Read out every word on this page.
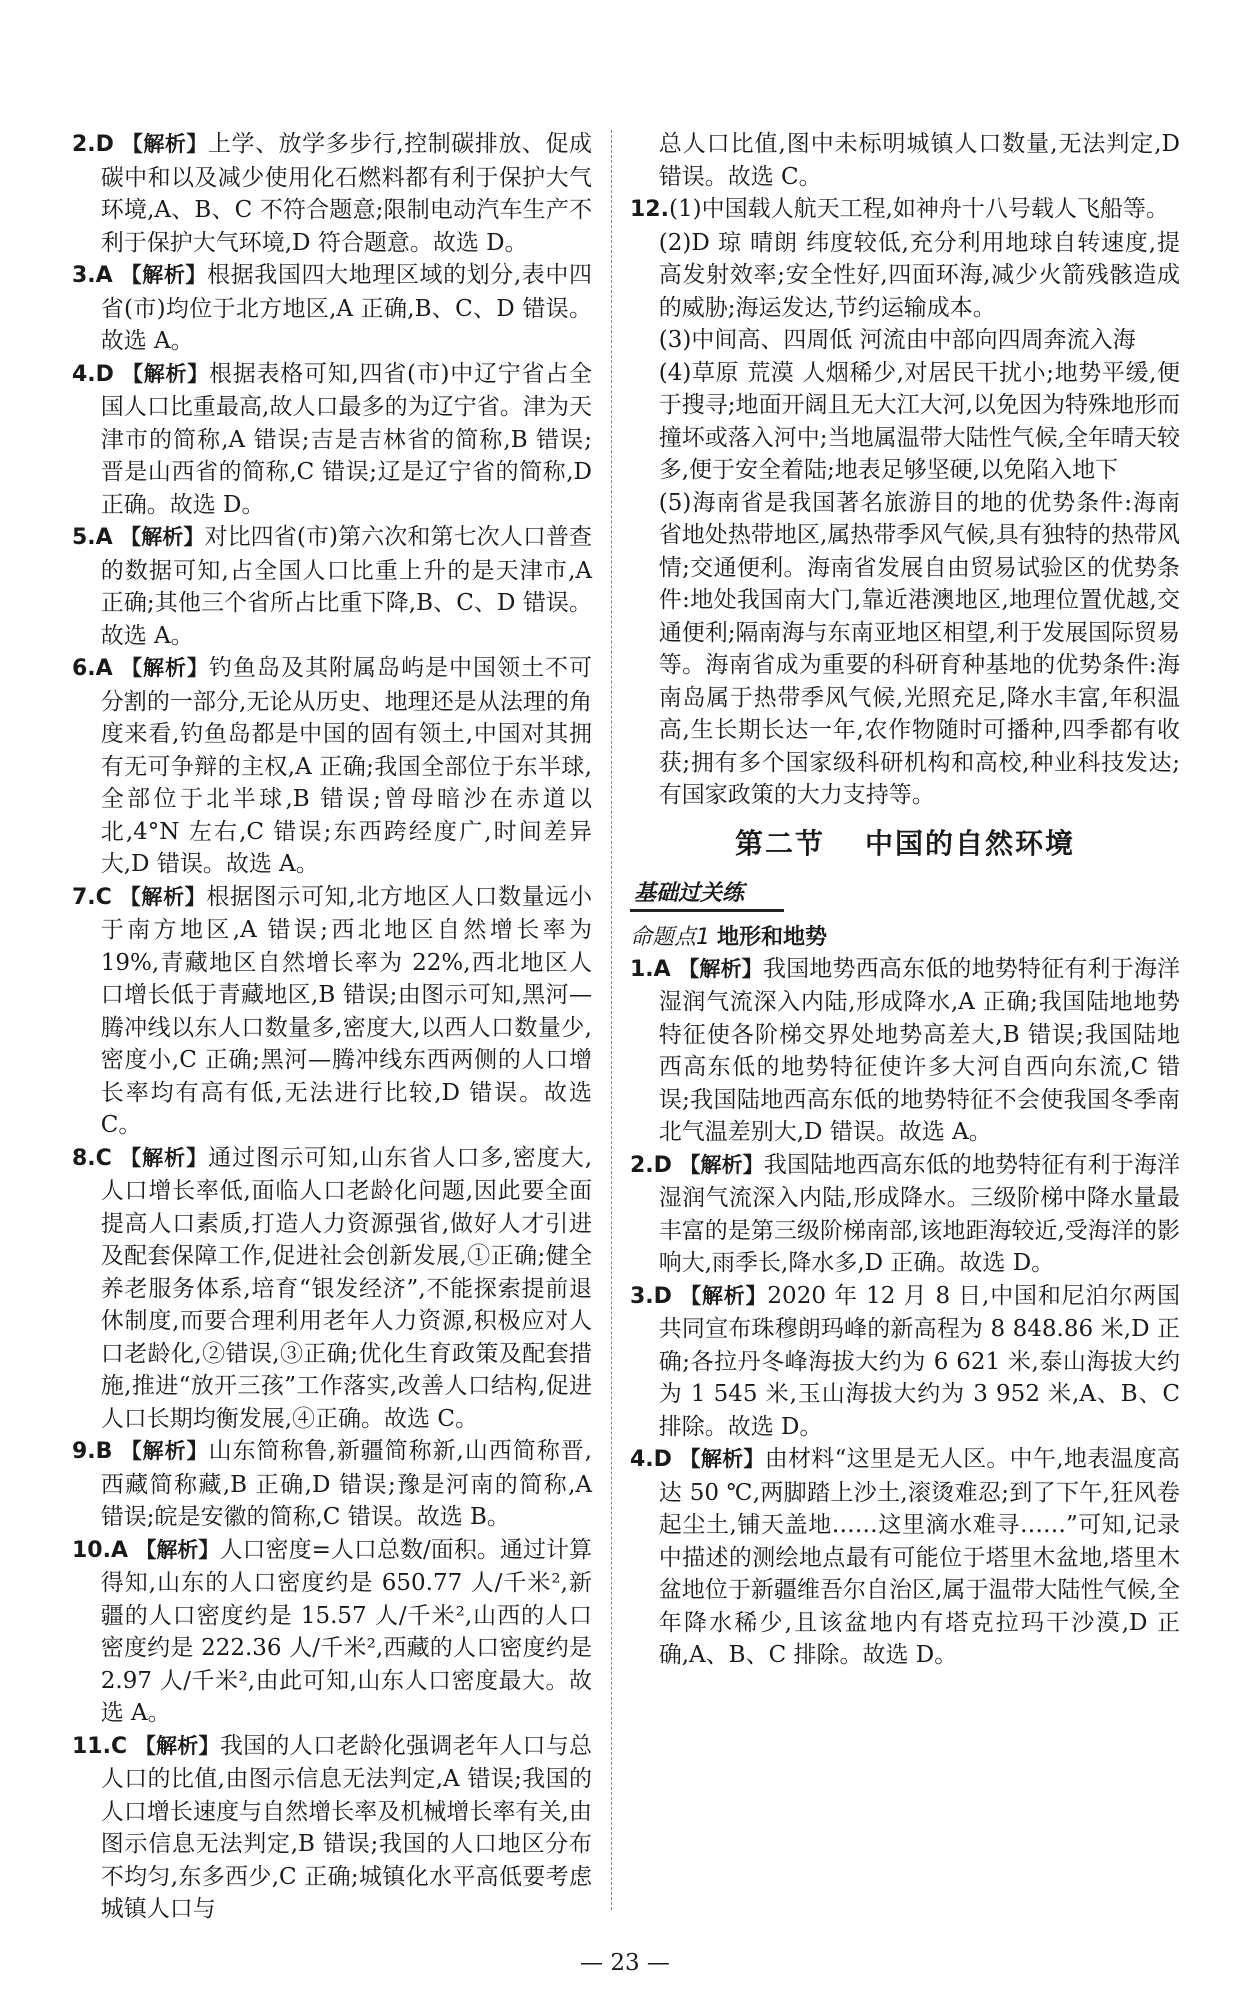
2.D 【解析】上学、放学多步行,控制碳排放、促成碳中和以及减少使用化石燃料都有利于保护大气环境,A、B、C 不符合题意;限制电动汽车生产不利于保护大气环境,D 符合题意。故选 D。

3.A 【解析】根据我国四大地理区域的划分,表中四省(市)均位于北方地区,A 正确,B、C、D 错误。故选 A。

4.D 【解析】根据表格可知,四省(市)中辽宁省占全国人口比重最高,故人口最多的为辽宁省。津为天津市的简称,A 错误;吉是吉林省的简称,B 错误;晋是山西省的简称,C 错误;辽是辽宁省的简称,D 正确。故选 D。

5.A 【解析】对比四省(市)第六次和第七次人口普查的数据可知,占全国人口比重上升的是天津市,A 正确;其他三个省所占比重下降,B、C、D 错误。故选 A。

6.A 【解析】钓鱼岛及其附属岛屿是中国领土不可分割的一部分,无论从历史、地理还是从法理的角度来看,钓鱼岛都是中国的固有领土,中国对其拥有无可争辩的主权,A 正确;我国全部位于东半球,全部位于北半球,B 错误;曾母暗沙在赤道以北,4°N 左右,C 错误;东西跨经度广,时间差异大,D 错误。故选 A。

7.C 【解析】根据图示可知,北方地区人口数量远小于南方地区,A 错误;西北地区自然增长率为 19%,青藏地区自然增长率为 22%,西北地区人口增长低于青藏地区,B 错误;由图示可知,黑河—腾冲线以东人口数量多,密度大,以西人口数量少,密度小,C 正确;黑河—腾冲线东西两侧的人口增长率均有高有低,无法进行比较,D 错误。故选 C。

8.C 【解析】通过图示可知,山东省人口多,密度大,人口增长率低,面临人口老龄化问题,因此要全面提高人口素质,打造人力资源强省,做好人才引进及配套保障工作,促进社会创新发展,①正确;健全养老服务体系,培育“银发经济”,不能探索提前退休制度,而要合理利用老年人力资源,积极应对人口老龄化,②错误,③正确;优化生育政策及配套措施,推进“放开三孩”工作落实,改善人口结构,促进人口长期均衡发展,④正确。故选 C。

9.B 【解析】山东简称鲁,新疆简称新,山西简称晋,西藏简称藏,B 正确,D 错误;豫是河南的简称,A 错误;皖是安徽的简称,C 错误。故选 B。

10.A 【解析】人口密度=人口总数/面积。通过计算得知,山东的人口密度约是 650.77 人/千米²,新疆的人口密度约是 15.57 人/千米²,山西的人口密度约是 222.36 人/千米²,西藏的人口密度约是 2.97 人/千米²,由此可知,山东人口密度最大。故选 A。

11.C 【解析】我国的人口老龄化强调老年人口与总人口的比值,由图示信息无法判定,A 错误;我国的人口增长速度与自然增长率及机械增长率有关,由图示信息无法判定,B 错误;我国的人口地区分布不均匀,东多西少,C 正确;城镇化水平高低要考虑城镇人口与

总人口比值,图中未标明城镇人口数量,无法判定,D 错误。故选 C。

12.(1)中国载人航天工程,如神舟十八号载人飞船等。

(2)D 琼 晴朗 纬度较低,充分利用地球自转速度,提高发射效率;安全性好,四面环海,减少火箭残骸造成的威胁;海运发达,节约运输成本。

(3)中间高、四周低 河流由中部向四周奔流入海

(4)草原 荒漠 人烟稀少,对居民干扰小;地势平缓,便于搜寻;地面开阔且无大江大河,以免因为特殊地形而撞坏或落入河中;当地属温带大陆性气候,全年晴天较多,便于安全着陆;地表足够坚硬,以免陷入地下

(5)海南省是我国著名旅游目的地的优势条件:海南省地处热带地区,属热带季风气候,具有独特的热带风情;交通便利。海南省发展自由贸易试验区的优势条件:地处我国南大门,靠近港澳地区,地理位置优越,交通便利;隔南海与东南亚地区相望,利于发展国际贸易等。海南省成为重要的科研育种基地的优势条件:海南岛属于热带季风气候,光照充足,降水丰富,年积温高,生长期长达一年,农作物随时可播种,四季都有收获;拥有多个国家级科研机构和高校,种业科技发达;有国家政策的大力支持等。

第二节 中国的自然环境
基础过关练
命题点1 地形和地势

1.A 【解析】我国地势西高东低的地势特征有利于海洋湿润气流深入内陆,形成降水,A 正确;我国陆地地势特征使各阶梯交界处地势高差大,B 错误;我国陆地西高东低的地势特征使许多大河自西向东流,C 错误;我国陆地西高东低的地势特征不会使我国冬季南北气温差别大,D 错误。故选 A。

2.D 【解析】我国陆地西高东低的地势特征有利于海洋湿润气流深入内陆,形成降水。三级阶梯中降水量最丰富的是第三级阶梯南部,该地距海较近,受海洋的影响大,雨季长,降水多,D 正确。故选 D。

3.D 【解析】2020 年 12 月 8 日,中国和尼泊尔两国共同宣布珠穆朗玛峰的新高程为 8 848.86 米,D 正确;各拉丹冬峰海拔大约为 6 621 米,泰山海拔大约为 1 545 米,玉山海拔大约为 3 952 米,A、B、C 排除。故选 D。

4.D 【解析】由材料“这里是无人区。中午,地表温度高达 50 ℃,两脚踏上沙土,滚烫难忍;到了下午,狂风卷起尘土,铺天盖地……这里滴水难寻……”可知,记录中描述的测绘地点最有可能位于塔里木盆地,塔里木盆地位于新疆维吾尔自治区,属于温带大陆性气候,全年降水稀少,且该盆地内有塔克拉玛干沙漠,D 正确,A、B、C 排除。故选 D。

— 23 —
